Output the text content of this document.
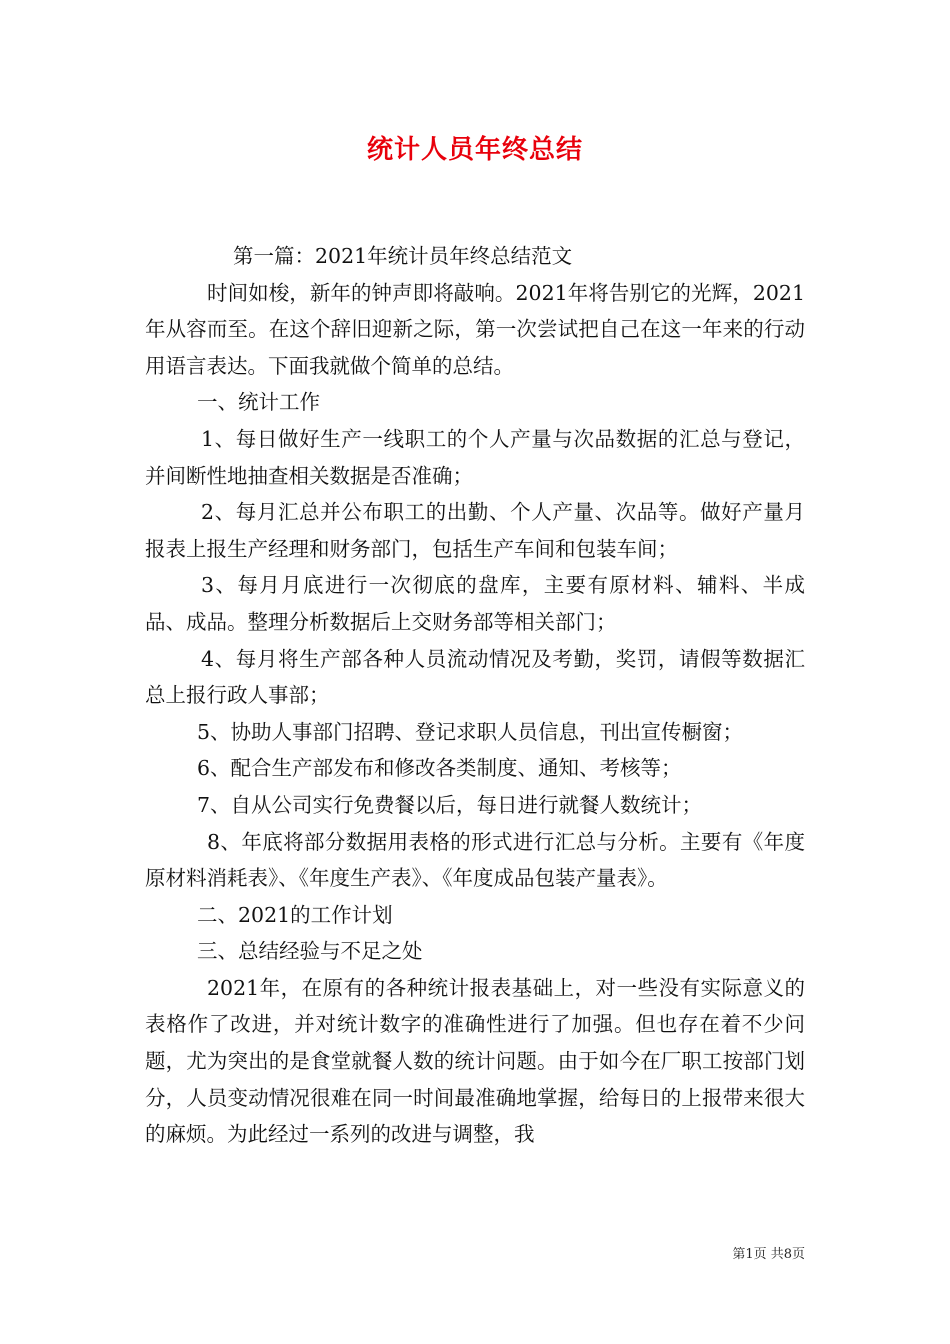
统计人员年终总结

第一篇：2021年统计员年终总结范文

时间如梭，新年的钟声即将敲响。2021年将告别它的光辉，2021年从容而至。在这个辞旧迎新之际，第一次尝试把自己在这一年来的行动用语言表达。下面我就做个简单的总结。

一、统计工作

1、每日做好生产一线职工的个人产量与次品数据的汇总与登记，并间断性地抽查相关数据是否准确；

2、每月汇总并公布职工的出勤、个人产量、次品等。做好产量月报表上报生产经理和财务部门，包括生产车间和包装车间；

3、每月月底进行一次彻底的盘库，主要有原材料、辅料、半成品、成品。整理分析数据后上交财务部等相关部门；

4、每月将生产部各种人员流动情况及考勤，奖罚，请假等数据汇总上报行政人事部；

5、协助人事部门招聘、登记求职人员信息，刊出宣传橱窗；

6、配合生产部发布和修改各类制度、通知、考核等；

7、自从公司实行免费餐以后，每日进行就餐人数统计；

8、年底将部分数据用表格的形式进行汇总与分析。主要有《年度原材料消耗表》、《年度生产表》、《年度成品包装产量表》。

二、2021的工作计划

三、总结经验与不足之处

2021年，在原有的各种统计报表基础上，对一些没有实际意义的表格作了改进，并对统计数字的准确性进行了加强。但也存在着不少问题，尤为突出的是食堂就餐人数的统计问题。由于如今在厂职工按部门划分，人员变动情况很难在同一时间最准确地掌握，给每日的上报带来很大的麻烦。为此经过一系列的改进与调整，我

第1页 共8页
